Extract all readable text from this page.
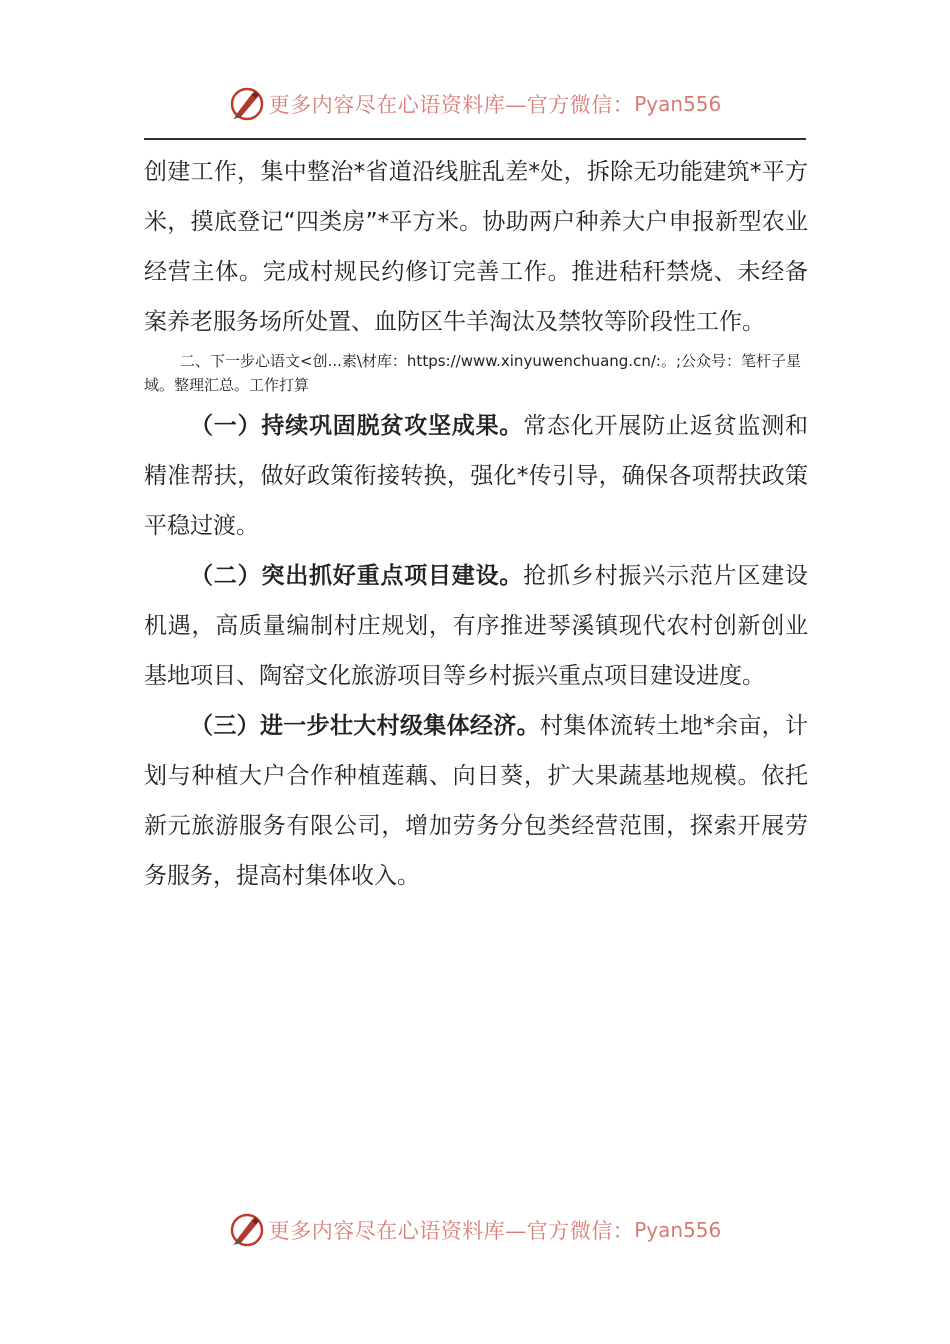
更多内容尽在心语资料库—官方微信： Pyan556

创建工作，集中整治*省道沿线脏乱差*处，拆除无功能建筑*平方米，摸底登记“四类房”*平方米。协助两户种养大户申报新型农业经营主体。完成村规民约修订完善工作。推进秸秆禁烧、未经备案养老服务场所处置、血防区牛羊淘汰及禁牧等阶段性工作。

二、下一步心语文<创...素\材库：https://www.xinyuwenchuang.cn/:。;公众号：笔杆子星域。整理汇总。工作打算

（一）持续巩固脱贫攻坚成果。常态化开展防止返贫监测和精准帮扶，做好政策衔接转换，强化*传引导，确保各项帮扶政策平稳过渡。

（二）突出抓好重点项目建设。抢抓乡村振兴示范片区建设机遇，高质量编制村庄规划，有序推进琴溪镇现代农村创新创业基地项目、陶窑文化旅游项目等乡村振兴重点项目建设进度。

（三）进一步壮大村级集体经济。村集体流转土地*余亩，计划与种植大户合作种植莲藕、向日葵，扩大果蔬基地规模。依托新元旅游服务有限公司，增加劳务分包类经营范围，探索开展劳务服务，提高村集体收入。

更多内容尽在心语资料库—官方微信： Pyan556
